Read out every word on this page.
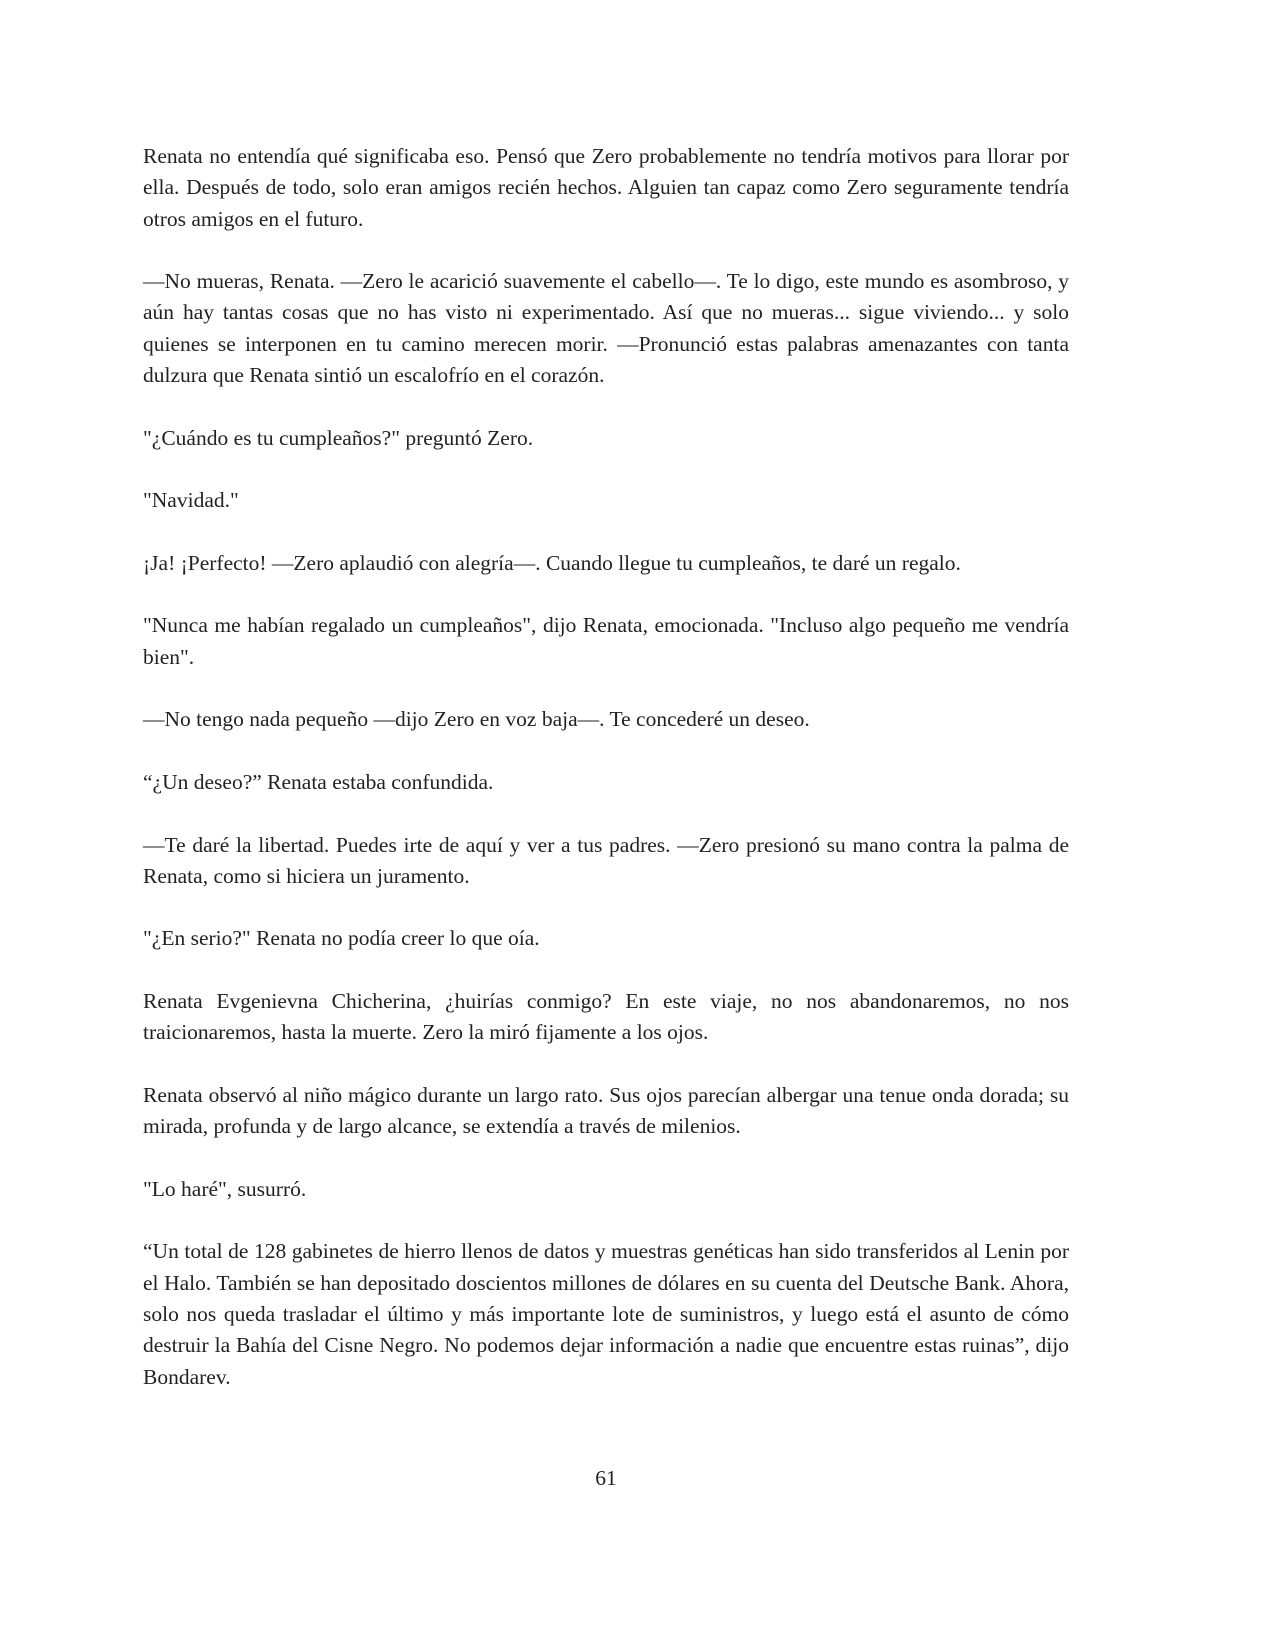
Renata no entendía qué significaba eso. Pensó que Zero probablemente no tendría motivos para llorar por ella. Después de todo, solo eran amigos recién hechos. Alguien tan capaz como Zero seguramente tendría otros amigos en el futuro.

—No mueras, Renata. —Zero le acarició suavemente el cabello—. Te lo digo, este mundo es asombroso, y aún hay tantas cosas que no has visto ni experimentado. Así que no mueras... sigue viviendo... y solo quienes se interponen en tu camino merecen morir. —Pronunció estas palabras amenazantes con tanta dulzura que Renata sintió un escalofrío en el corazón.

"¿Cuándo es tu cumpleaños?" preguntó Zero.

"Navidad."

¡Ja! ¡Perfecto! —Zero aplaudió con alegría—. Cuando llegue tu cumpleaños, te daré un regalo.

"Nunca me habían regalado un cumpleaños", dijo Renata, emocionada. "Incluso algo pequeño me vendría bien".

—No tengo nada pequeño —dijo Zero en voz baja—. Te concederé un deseo.

“¿Un deseo?” Renata estaba confundida.

—Te daré la libertad. Puedes irte de aquí y ver a tus padres. —Zero presionó su mano contra la palma de Renata, como si hiciera un juramento.

"¿En serio?" Renata no podía creer lo que oía.

Renata Evgenievna Chicherina, ¿huirías conmigo? En este viaje, no nos abandonaremos, no nos traicionaremos, hasta la muerte. Zero la miró fijamente a los ojos.

Renata observó al niño mágico durante un largo rato. Sus ojos parecían albergar una tenue onda dorada; su mirada, profunda y de largo alcance, se extendía a través de milenios.

"Lo haré", susurró.

“Un total de 128 gabinetes de hierro llenos de datos y muestras genéticas han sido transferidos al Lenin por el Halo. También se han depositado doscientos millones de dólares en su cuenta del Deutsche Bank. Ahora, solo nos queda trasladar el último y más importante lote de suministros, y luego está el asunto de cómo destruir la Bahía del Cisne Negro. No podemos dejar información a nadie que encuentre estas ruinas”, dijo Bondarev.

61
